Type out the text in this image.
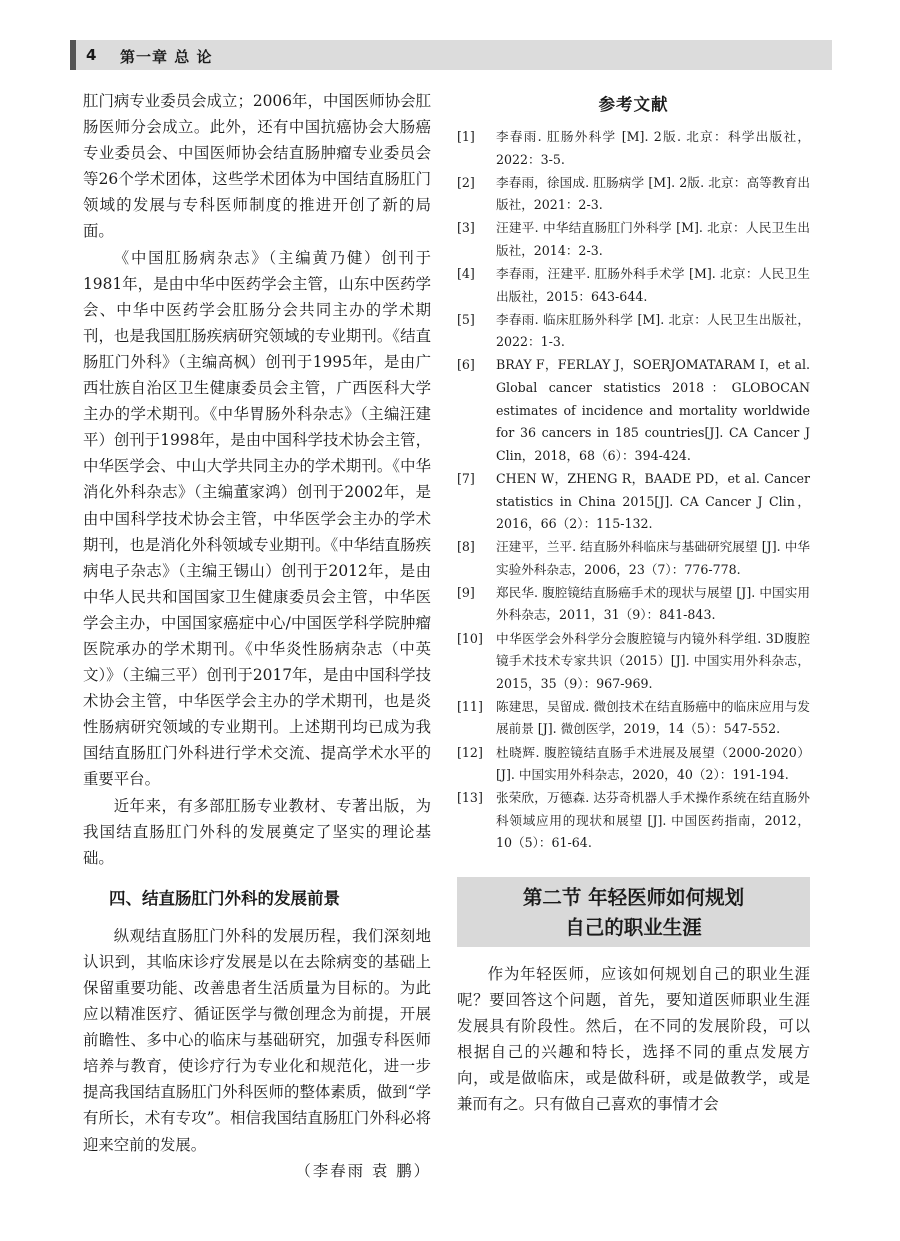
4 第一章 总 论

肛门病专业委员会成立；2006年，中国医师协会肛肠医师分会成立。此外，还有中国抗癌协会大肠癌专业委员会、中国医师协会结直肠肿瘤专业委员会等26个学术团体，这些学术团体为中国结直肠肛门领域的发展与专科医师制度的推进开创了新的局面。

《中国肛肠病杂志》（主编黄乃健）创刊于1981年，是由中华中医药学会主管，山东中医药学会、中华中医药学会肛肠分会共同主办的学术期刊，也是我国肛肠疾病研究领域的专业期刊。《结直肠肛门外科》（主编高枫）创刊于1995年，是由广西壮族自治区卫生健康委员会主管，广西医科大学主办的学术期刊。《中华胃肠外科杂志》（主编汪建平）创刊于1998年，是由中国科学技术协会主管，中华医学会、中山大学共同主办的学术期刊。《中华消化外科杂志》（主编董家鸿）创刊于2002年，是由中国科学技术协会主管，中华医学会主办的学术期刊，也是消化外科领域专业期刊。《中华结直肠疾病电子杂志》（主编王锡山）创刊于2012年，是由中华人民共和国国家卫生健康委员会主管，中华医学会主办，中国国家癌症中心/中国医学科学院肿瘤医院承办的学术期刊。《中华炎性肠病杂志（中英文）》（主编三平）创刊于2017年，是由中国科学技术协会主管，中华医学会主办的学术期刊，也是炎性肠病研究领域的专业期刊。上述期刊均已成为我国结直肠肛门外科进行学术交流、提高学术水平的重要平台。

近年来，有多部肛肠专业教材、专著出版，为我国结直肠肛门外科的发展奠定了坚实的理论基础。

四、结直肠肛门外科的发展前景

纵观结直肠肛门外科的发展历程，我们深刻地认识到，其临床诊疗发展是以在去除病变的基础上保留重要功能、改善患者生活质量为目标的。为此应以精准医疗、循证医学与微创理念为前提，开展前瞻性、多中心的临床与基础研究，加强专科医师培养与教育，使诊疗行为专业化和规范化，进一步提高我国结直肠肛门外科医师的整体素质，做到“学有所长，术有专攻”。相信我国结直肠肛门外科必将迎来空前的发展。

（李春雨 袁 鹏）
参考文献
[1] 李春雨. 肛肠外科学 [M]. 2版. 北京：科学出版社，2022：3-5.
[2] 李春雨，徐国成. 肛肠病学 [M]. 2版. 北京：高等教育出版社，2021：2-3.
[3] 汪建平. 中华结直肠肛门外科学 [M]. 北京：人民卫生出版社，2014：2-3.
[4] 李春雨，汪建平. 肛肠外科手术学 [M]. 北京：人民卫生出版社，2015：643-644.
[5] 李春雨. 临床肛肠外科学 [M]. 北京：人民卫生出版社，2022：1-3.
[6] BRAY F，FERLAY J，SOERJOMATARAM I，et al. Global cancer statistics 2018：GLOBOCAN estimates of incidence and mortality worldwide for 36 cancers in 185 countries[J]. CA Cancer J Clin，2018，68（6）：394-424.
[7] CHEN W，ZHENG R，BAADE PD，et al. Cancer statistics in China 2015[J]. CA Cancer J Clin，2016，66（2）：115-132.
[8] 汪建平，兰平. 结直肠外科临床与基础研究展望 [J]. 中华实验外科杂志，2006，23（7）：776-778.
[9] 郑民华. 腹腔镜结直肠癌手术的现状与展望 [J]. 中国实用外科杂志，2011，31（9）：841-843.
[10] 中华医学会外科学分会腹腔镜与内镜外科学组. 3D腹腔镜手术技术专家共识（2015）[J]. 中国实用外科杂志，2015，35（9）：967-969.
[11] 陈建思，吴留成. 微创技术在结直肠癌中的临床应用与发展前景 [J]. 微创医学，2019，14（5）：547-552.
[12] 杜晓辉. 腹腔镜结直肠手术进展及展望（2000-2020）[J]. 中国实用外科杂志，2020，40（2）：191-194.
[13] 张荣欣，万德森. 达芬奇机器人手术操作系统在结直肠外科领域应用的现状和展望 [J]. 中国医药指南，2012，10（5）：61-64.
第二节 年轻医师如何规划
自己的职业生涯

作为年轻医师，应该如何规划自己的职业生涯呢？要回答这个问题，首先，要知道医师职业生涯发展具有阶段性。然后，在不同的发展阶段，可以根据自己的兴趣和特长，选择不同的重点发展方向，或是做临床，或是做科研，或是做教学，或是兼而有之。只有做自己喜欢的事情才会
